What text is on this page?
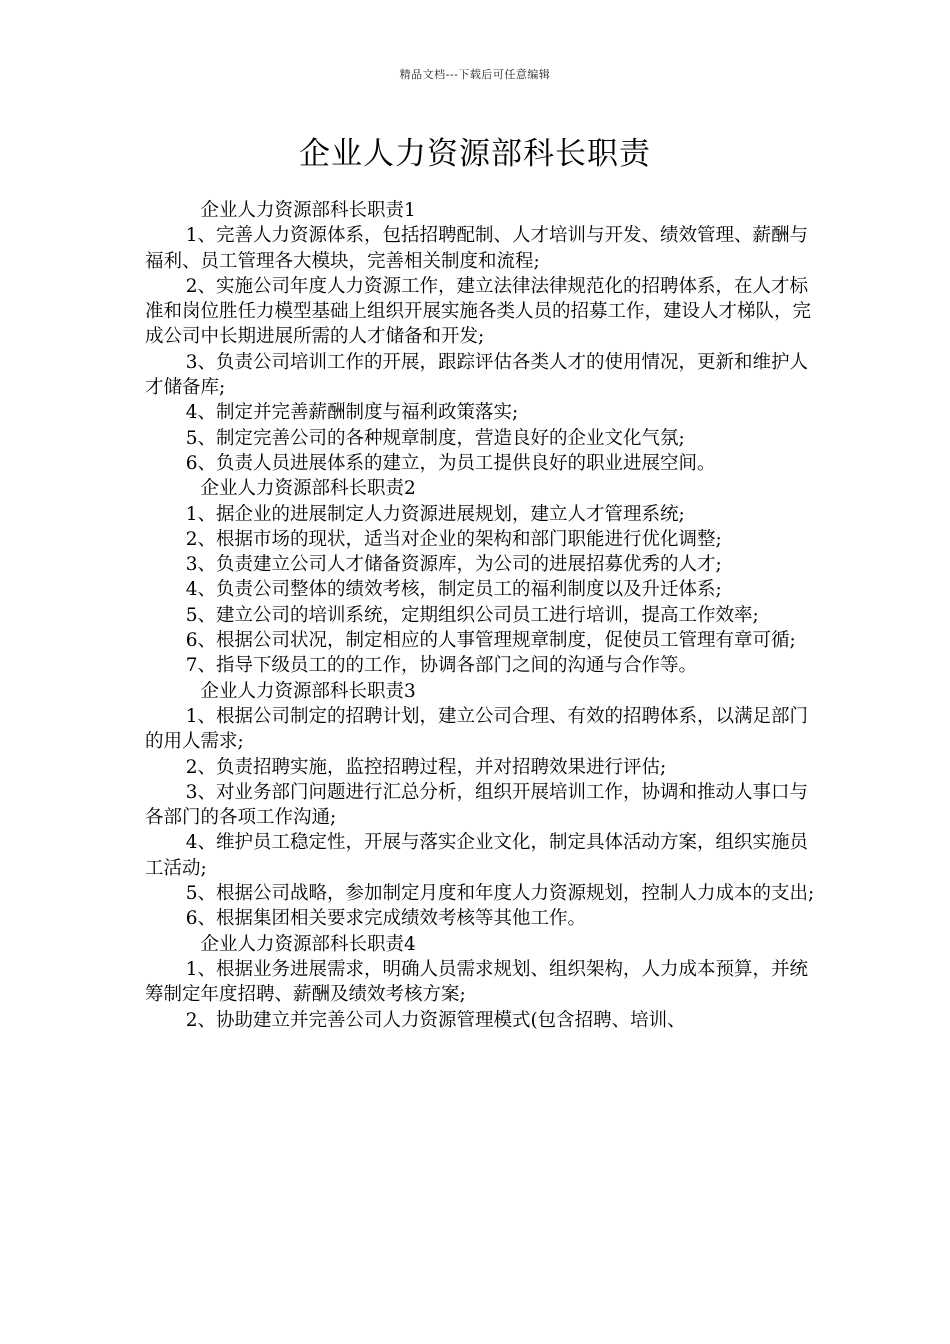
精品文档---下载后可任意编辑
企业人力资源部科长职责

企业人力资源部科长职责1

1、完善人力资源体系，包括招聘配制、人才培训与开发、绩效管理、薪酬与福利、员工管理各大模块，完善相关制度和流程;

2、实施公司年度人力资源工作，建立法律法律规范化的招聘体系，在人才标准和岗位胜任力模型基础上组织开展实施各类人员的招募工作，建设人才梯队，完成公司中长期进展所需的人才储备和开发;

3、负责公司培训工作的开展，跟踪评估各类人才的使用情况，更新和维护人才储备库;

4、制定并完善薪酬制度与福利政策落实;

5、制定完善公司的各种规章制度，营造良好的企业文化气氛;

6、负责人员进展体系的建立，为员工提供良好的职业进展空间。

企业人力资源部科长职责2

1、据企业的进展制定人力资源进展规划，建立人才管理系统;

2、根据市场的现状，适当对企业的架构和部门职能进行优化调整;

3、负责建立公司人才储备资源库，为公司的进展招募优秀的人才;

4、负责公司整体的绩效考核，制定员工的福利制度以及升迁体系;

5、建立公司的培训系统，定期组织公司员工进行培训，提高工作效率;

6、根据公司状况，制定相应的人事管理规章制度，促使员工管理有章可循;

7、指导下级员工的的工作，协调各部门之间的沟通与合作等。

企业人力资源部科长职责3

1、根据公司制定的招聘计划，建立公司合理、有效的招聘体系，以满足部门的用人需求;

2、负责招聘实施，监控招聘过程，并对招聘效果进行评估;

3、对业务部门问题进行汇总分析，组织开展培训工作，协调和推动人事口与各部门的各项工作沟通;

4、维护员工稳定性，开展与落实企业文化，制定具体活动方案，组织实施员工活动;

5、根据公司战略，参加制定月度和年度人力资源规划，控制人力成本的支出;

6、根据集团相关要求完成绩效考核等其他工作。

企业人力资源部科长职责4

1、根据业务进展需求，明确人员需求规划、组织架构，人力成本预算，并统筹制定年度招聘、薪酬及绩效考核方案;

2、协助建立并完善公司人力资源管理模式(包含招聘、培训、
